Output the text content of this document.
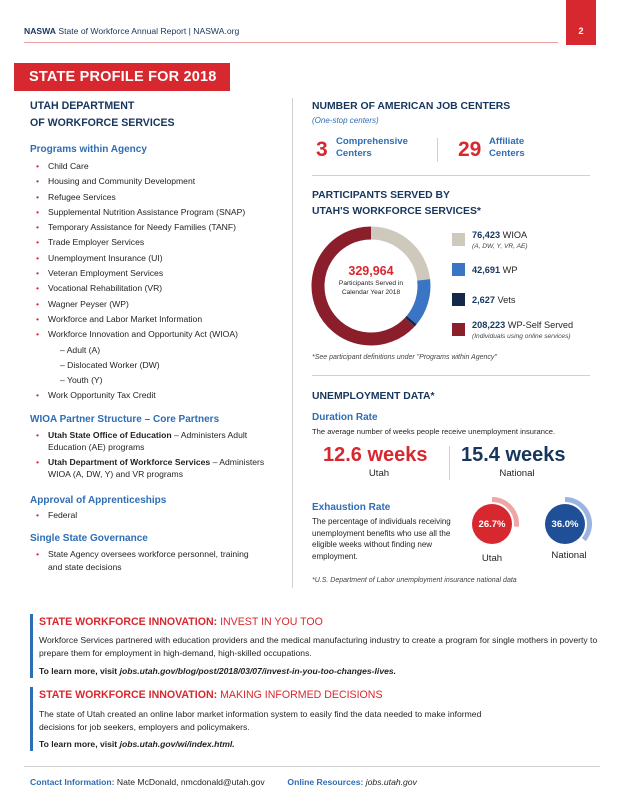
NASWA State of Workforce Annual Report | NASWA.org	2
STATE PROFILE FOR 2018
UTAH DEPARTMENT
OF WORKFORCE SERVICES
Programs within Agency
• Child Care
• Housing and Community Development
• Refugee Services
• Supplemental Nutrition Assistance Program (SNAP)
• Temporary Assistance for Needy Families (TANF)
• Trade Employer Services
• Unemployment Insurance (UI)
• Veteran Employment Services
• Vocational Rehabilitation (VR)
• Wagner Peyser (WP)
• Workforce and Labor Market Information
• Workforce Innovation and Opportunity Act (WIOA)
– Adult (A)
– Dislocated Worker (DW)
– Youth (Y)
• Work Opportunity Tax Credit
WIOA Partner Structure – Core Partners
• Utah State Office of Education – Administers Adult Education (AE) programs
• Utah Department of Workforce Services – Administers WIOA (A, DW, Y) and VR programs
Approval of Apprenticeships
• Federal
Single State Governance
• State Agency oversees workforce personnel, training and state decisions
NUMBER OF AMERICAN JOB CENTERS
(One-stop centers)
3 Comprehensive
Centers	29 Affiliate
Centers
PARTICIPANTS SERVED BY
UTAH'S WORKFORCE SERVICES*
329,964
Participants Served in
Calendar Year 2018
76,423 WIOA
(A, DW, Y, VR, AE)
42,691 WP
2,627 Vets
208,223 WP-Self Served
(Individuals using online services)
*See participant definitions under "Programs within Agency"
UNEMPLOYMENT DATA*
Duration Rate
The average number of weeks people receive unemployment insurance.
12.6 weeks
Utah
15.4 weeks
National
Exhaustion Rate
The percentage of individuals receiving unemployment benefits who use all the eligible weeks without finding new employment.
26.7%
Utah
36.0%
National
*U.S. Department of Labor unemployment insurance national data
STATE WORKFORCE INNOVATION: INVEST IN YOU TOO
Workforce Services partnered with education providers and the medical manufacturing industry to create a program for single mothers in poverty to prepare them for employment in high-demand, high-skilled occupations.
To learn more, visit jobs.utah.gov/blog/post/2018/03/07/invest-in-you-too-changes-lives.
STATE WORKFORCE INNOVATION: MAKING INFORMED DECISIONS
The state of Utah created an online labor market information system to easily find the data needed to make informed decisions for job seekers, employers and policymakers.
To learn more, visit jobs.utah.gov/wi/index.html.
Contact Information: Nate McDonald, nmcdonald@utah.gov	Online Resources: jobs.utah.gov
